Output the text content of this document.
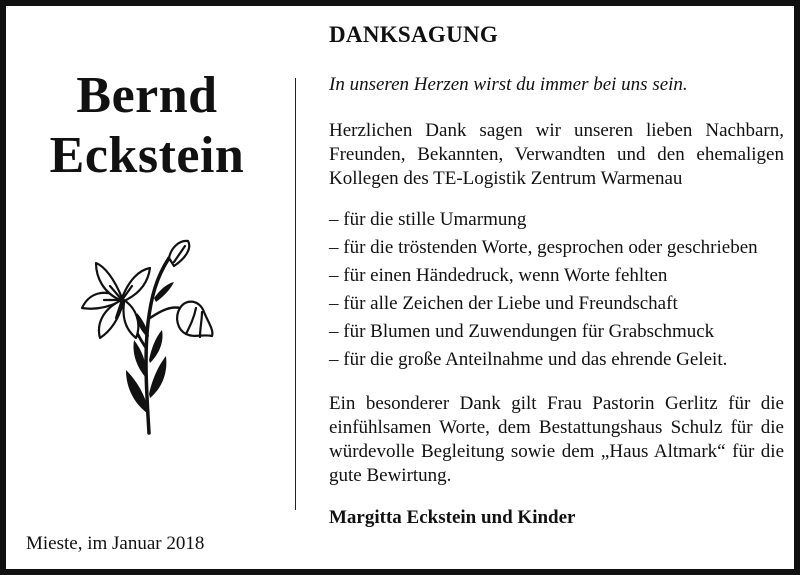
Bernd
Eckstein
Mieste, im Januar 2018
DANKSAGUNG
In unseren Herzen wirst du immer bei uns sein.
Herzlichen Dank sagen wir unseren lieben Nachbarn, Freunden, Bekannten, Verwandten und den ehemaligen Kollegen des TE-Logistik Zentrum Warmenau
– für die stille Umarmung
– für die tröstenden Worte, gesprochen oder geschrieben
– für einen Händedruck, wenn Worte fehlten
– für alle Zeichen der Liebe und Freundschaft
– für Blumen und Zuwendungen für Grabschmuck
– für die große Anteilnahme und das ehrende Geleit.
Ein besonderer Dank gilt Frau Pastorin Gerlitz für die einfühlsamen Worte, dem Bestattungshaus Schulz für die würdevolle Begleitung sowie dem „Haus Altmark“ für die gute Bewirtung.
Margitta Eckstein und Kinder
